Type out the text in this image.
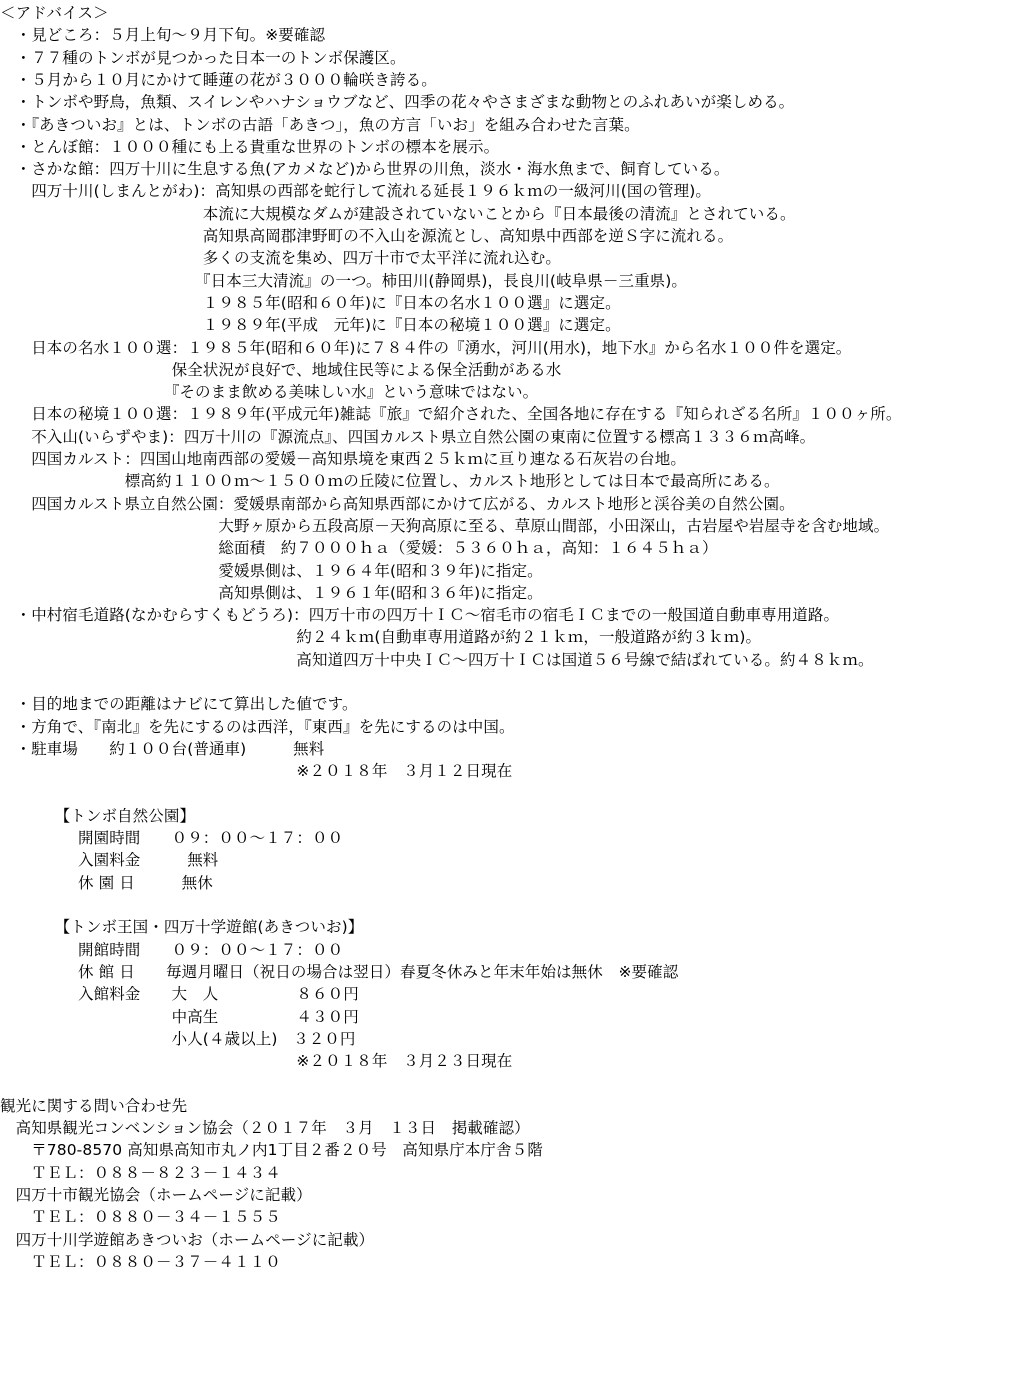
＜アドバイス＞
　・見どころ：５月上旬～９月下旬。※要確認
　・７７種のトンボが見つかった日本一のトンボ保護区。
　・５月から１０月にかけて睡蓮の花が３０００輪咲き誇る。
　・トンボや野鳥，魚類、スイレンやハナショウブなど、四季の花々やさまざまな動物とのふれあいが楽しめる。
　・『あきついお』とは、トンボの古語「あきつ」，魚の方言「いお」を組み合わせた言葉。
　・とんぼ館：１０００種にも上る貴重な世界のトンボの標本を展示。
　・さかな館：四万十川に生息する魚(アカメなど)から世界の川魚，淡水・海水魚まで、飼育している。
　　四万十川(しまんとがわ)：高知県の西部を蛇行して流れる延長１９６ｋｍの一級河川(国の管理)。
　　　　　　　　　　　　　本流に大規模なダムが建設されていないことから『日本最後の清流』とされている。
　　　　　　　　　　　　　高知県高岡郡津野町の不入山を源流とし、高知県中西部を逆Ｓ字に流れる。
　　　　　　　　　　　　　多くの支流を集め、四万十市で太平洋に流れ込む。
　　　　　　　　　　　　　『日本三大清流』の一つ。柿田川(静岡県)，長良川(岐阜県－三重県)。
　　　　　　　　　　　　　１９８５年(昭和６０年)に『日本の名水１００選』に選定。
　　　　　　　　　　　　　１９８９年(平成　元年)に『日本の秘境１００選』に選定。
　　日本の名水１００選：１９８５年(昭和６０年)に７８４件の『湧水，河川(用水)，地下水』から名水１００件を選定。
　　　　　　　　　　　保全状況が良好で、地域住民等による保全活動がある水
　　　　　　　　　　　『そのまま飲める美味しい水』という意味ではない。
　　日本の秘境１００選：１９８９年(平成元年)雑誌『旅』で紹介された、全国各地に存在する『知られざる名所』１００ヶ所。
　　不入山(いらずやま)：四万十川の『源流点』、四国カルスト県立自然公園の東南に位置する標高１３３６ｍ高峰。
　　四国カルスト：四国山地南西部の愛媛－高知県境を東西２５ｋｍに亘り連なる石灰岩の台地。
　　　　　　　　標高約１１００ｍ～１５００ｍの丘陵に位置し、カルスト地形としては日本で最高所にある。
　　四国カルスト県立自然公園：愛媛県南部から高知県西部にかけて広がる、カルスト地形と渓谷美の自然公園。
　　　　　　　　　　　　　　大野ヶ原から五段高原－天狗高原に至る、草原山間部，小田深山，古岩屋や岩屋寺を含む地域。
　　　　　　　　　　　　　　総面積　約７０００ｈａ（愛媛：５３６０ｈａ，高知：１６４５ｈａ）
　　　　　　　　　　　　　　愛媛県側は、１９６４年(昭和３９年)に指定。
　　　　　　　　　　　　　　高知県側は、１９６１年(昭和３６年)に指定。
　・中村宿毛道路(なかむらすくもどうろ)：四万十市の四万十ＩＣ～宿毛市の宿毛ＩＣまでの一般国道自動車専用道路。
　　　　　　　　　　　　　　　　　　　約２４ｋｍ(自動車専用道路が約２１ｋｍ，一般道路が約３ｋｍ)。
　　　　　　　　　　　　　　　　　　　高知道四万十中央ＩＣ～四万十ＩＣは国道５６号線で結ばれている。約４８ｋｍ。
　・目的地までの距離はナビにて算出した値です。
　・方角で、『南北』を先にするのは西洋，『東西』を先にするのは中国。
　・駐車場　　約１００台(普通車)　　　無料
　　　　　　　　　　　　　　　　　　　※２０１８年　３月１２日現在
　　　　【トンボ自然公園】
　　　　　開園時間　　０９：００～１７：００
　　　　　入園料金　　　無料
　　　　　休 園 日　　　無休
　　　　【トンボ王国・四万十学遊館(あきついお)】
　　　　　開館時間　　０９：００～１７：００
　　　　　休 館 日　　毎週月曜日（祝日の場合は翌日）春夏冬休みと年末年始は無休　※要確認
　　　　　入館料金　　大　人　　　　　８６０円
　　　　　　　　　　　中高生　　　　　４３０円
　　　　　　　　　　　小人(４歳以上)　３２０円
　　　　　　　　　　　　　　　　　　　※２０１８年　３月２３日現在
観光に関する問い合わせ先
　高知県観光コンベンション協会（２０１７年　３月　１３日　掲載確認）
　　〒780-8570 高知県高知市丸ノ内1丁目２番２０号　高知県庁本庁舎５階
　　ＴＥＬ：０８８－８２３－１４３４
　四万十市観光協会（ホームページに記載）
　　ＴＥＬ：０８８０－３４－１５５５
　四万十川学遊館あきついお（ホームページに記載）
　　ＴＥＬ：０８８０－３７－４１１０
